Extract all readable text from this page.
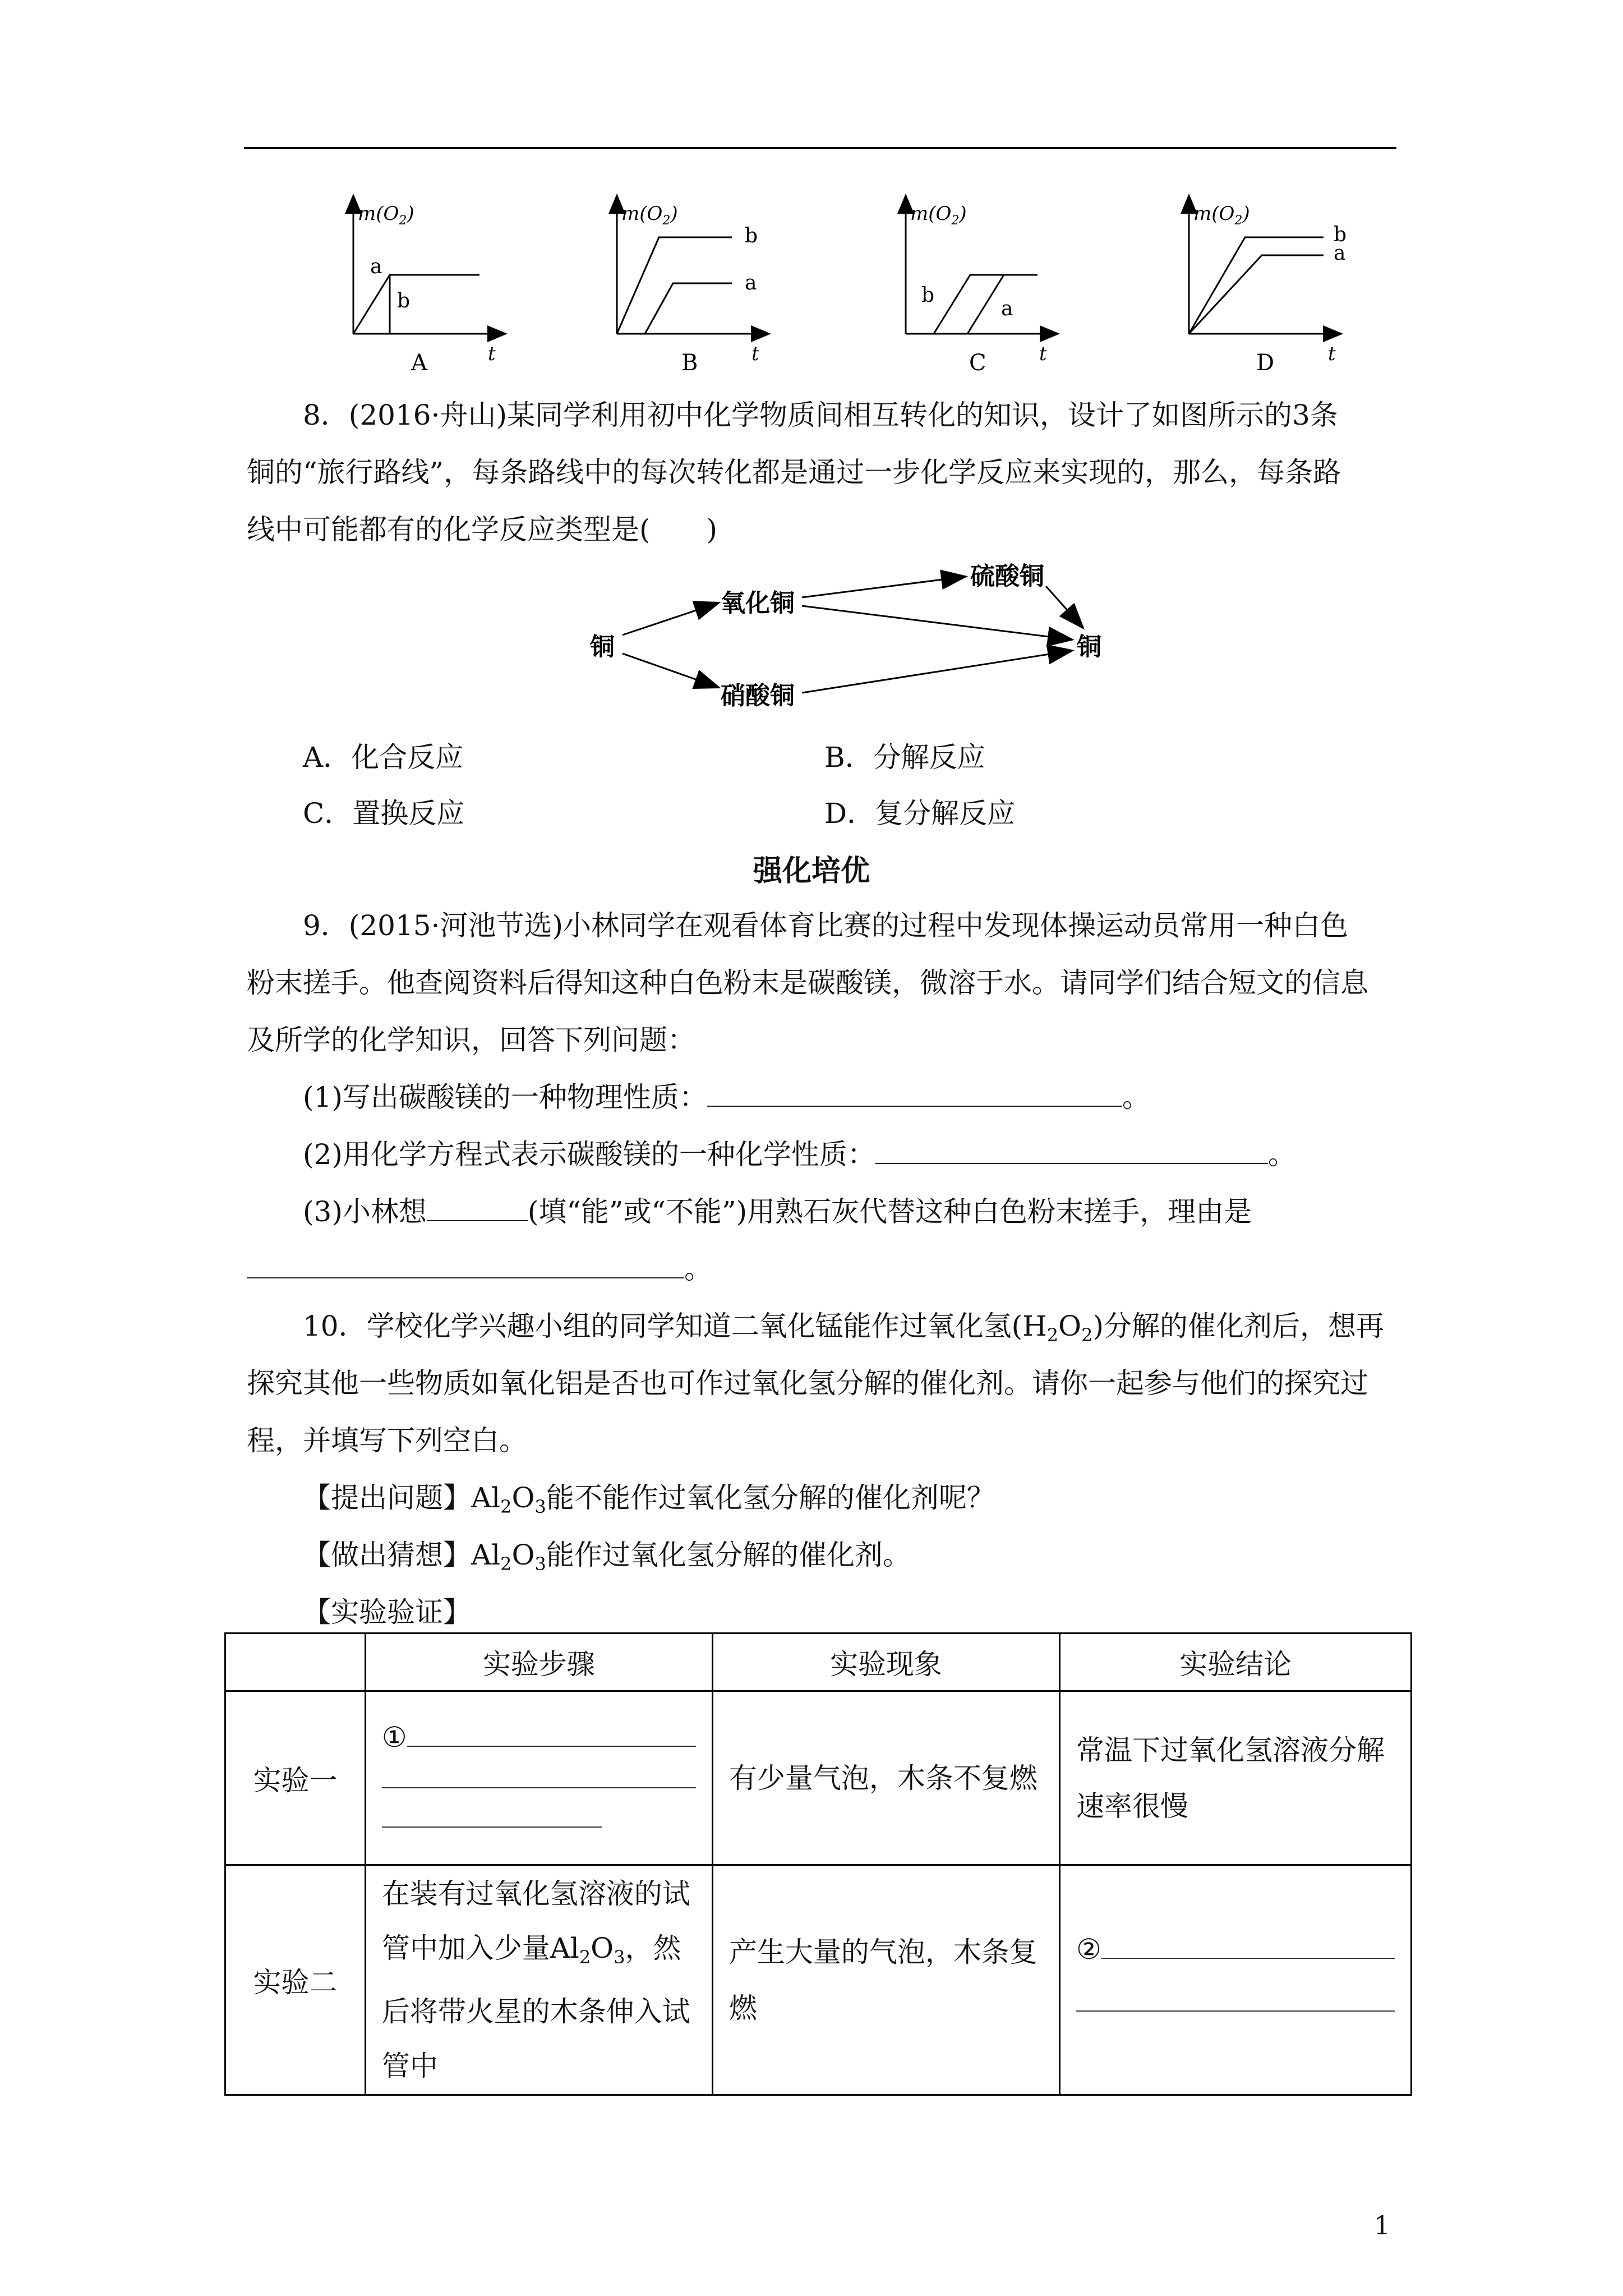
$m(O_2)$
a
b
t
A
$m(O_2)$
b
a
t
B
$m(O_2)$
b
a
t
C
$m(O_2)$
b
a
t
D
8．(2016·舟山)某同学利用初中化学物质间相互转化的知识，设计了如图所示的3条
铜的“旅行路线”，每条路线中的每次转化都是通过一步化学反应来实现的，那么，每条路
线中可能都有的化学反应类型是(　　)
铜
氧化铜
硫酸铜
硝酸铜
铜
A．化合反应	B．分解反应
C．置换反应	D．复分解反应
强化培优
9．(2015·河池节选)小林同学在观看体育比赛的过程中发现体操运动员常用一种白色
粉末搓手。他查阅资料后得知这种白色粉末是碳酸镁，微溶于水。请同学们结合短文的信息
及所学的化学知识，回答下列问题：
(1)写出碳酸镁的一种物理性质：	。
(2)用化学方程式表示碳酸镁的一种化学性质：	。
(3)小林想	(填“能”或“不能”)用熟石灰代替这种白色粉末搓手，理由是
。
10．学校化学兴趣小组的同学知道二氧化锰能作过氧化氢$(H_2O_2)$分解的催化剂后，想再
探究其他一些物质如氧化铝是否也可作过氧化氢分解的催化剂。请你一起参与他们的探究过
程，并填写下列空白。
【提出问题】$Al_2O_3$能不能作过氧化氢分解的催化剂呢？
【做出猜想】$Al_2O_3$能作过氧化氢分解的催化剂。
【实验验证】
	实验步骤	实验现象	实验结论
实验一	①	有少量气泡，木条不复燃	常温下过氧化氢溶液分解速率很慢
实验二	在装有过氧化氢溶液的试管中加入少量$Al_2O_3$，然后将带火星的木条伸入试管中	产生大量的气泡，木条复燃	②
1
